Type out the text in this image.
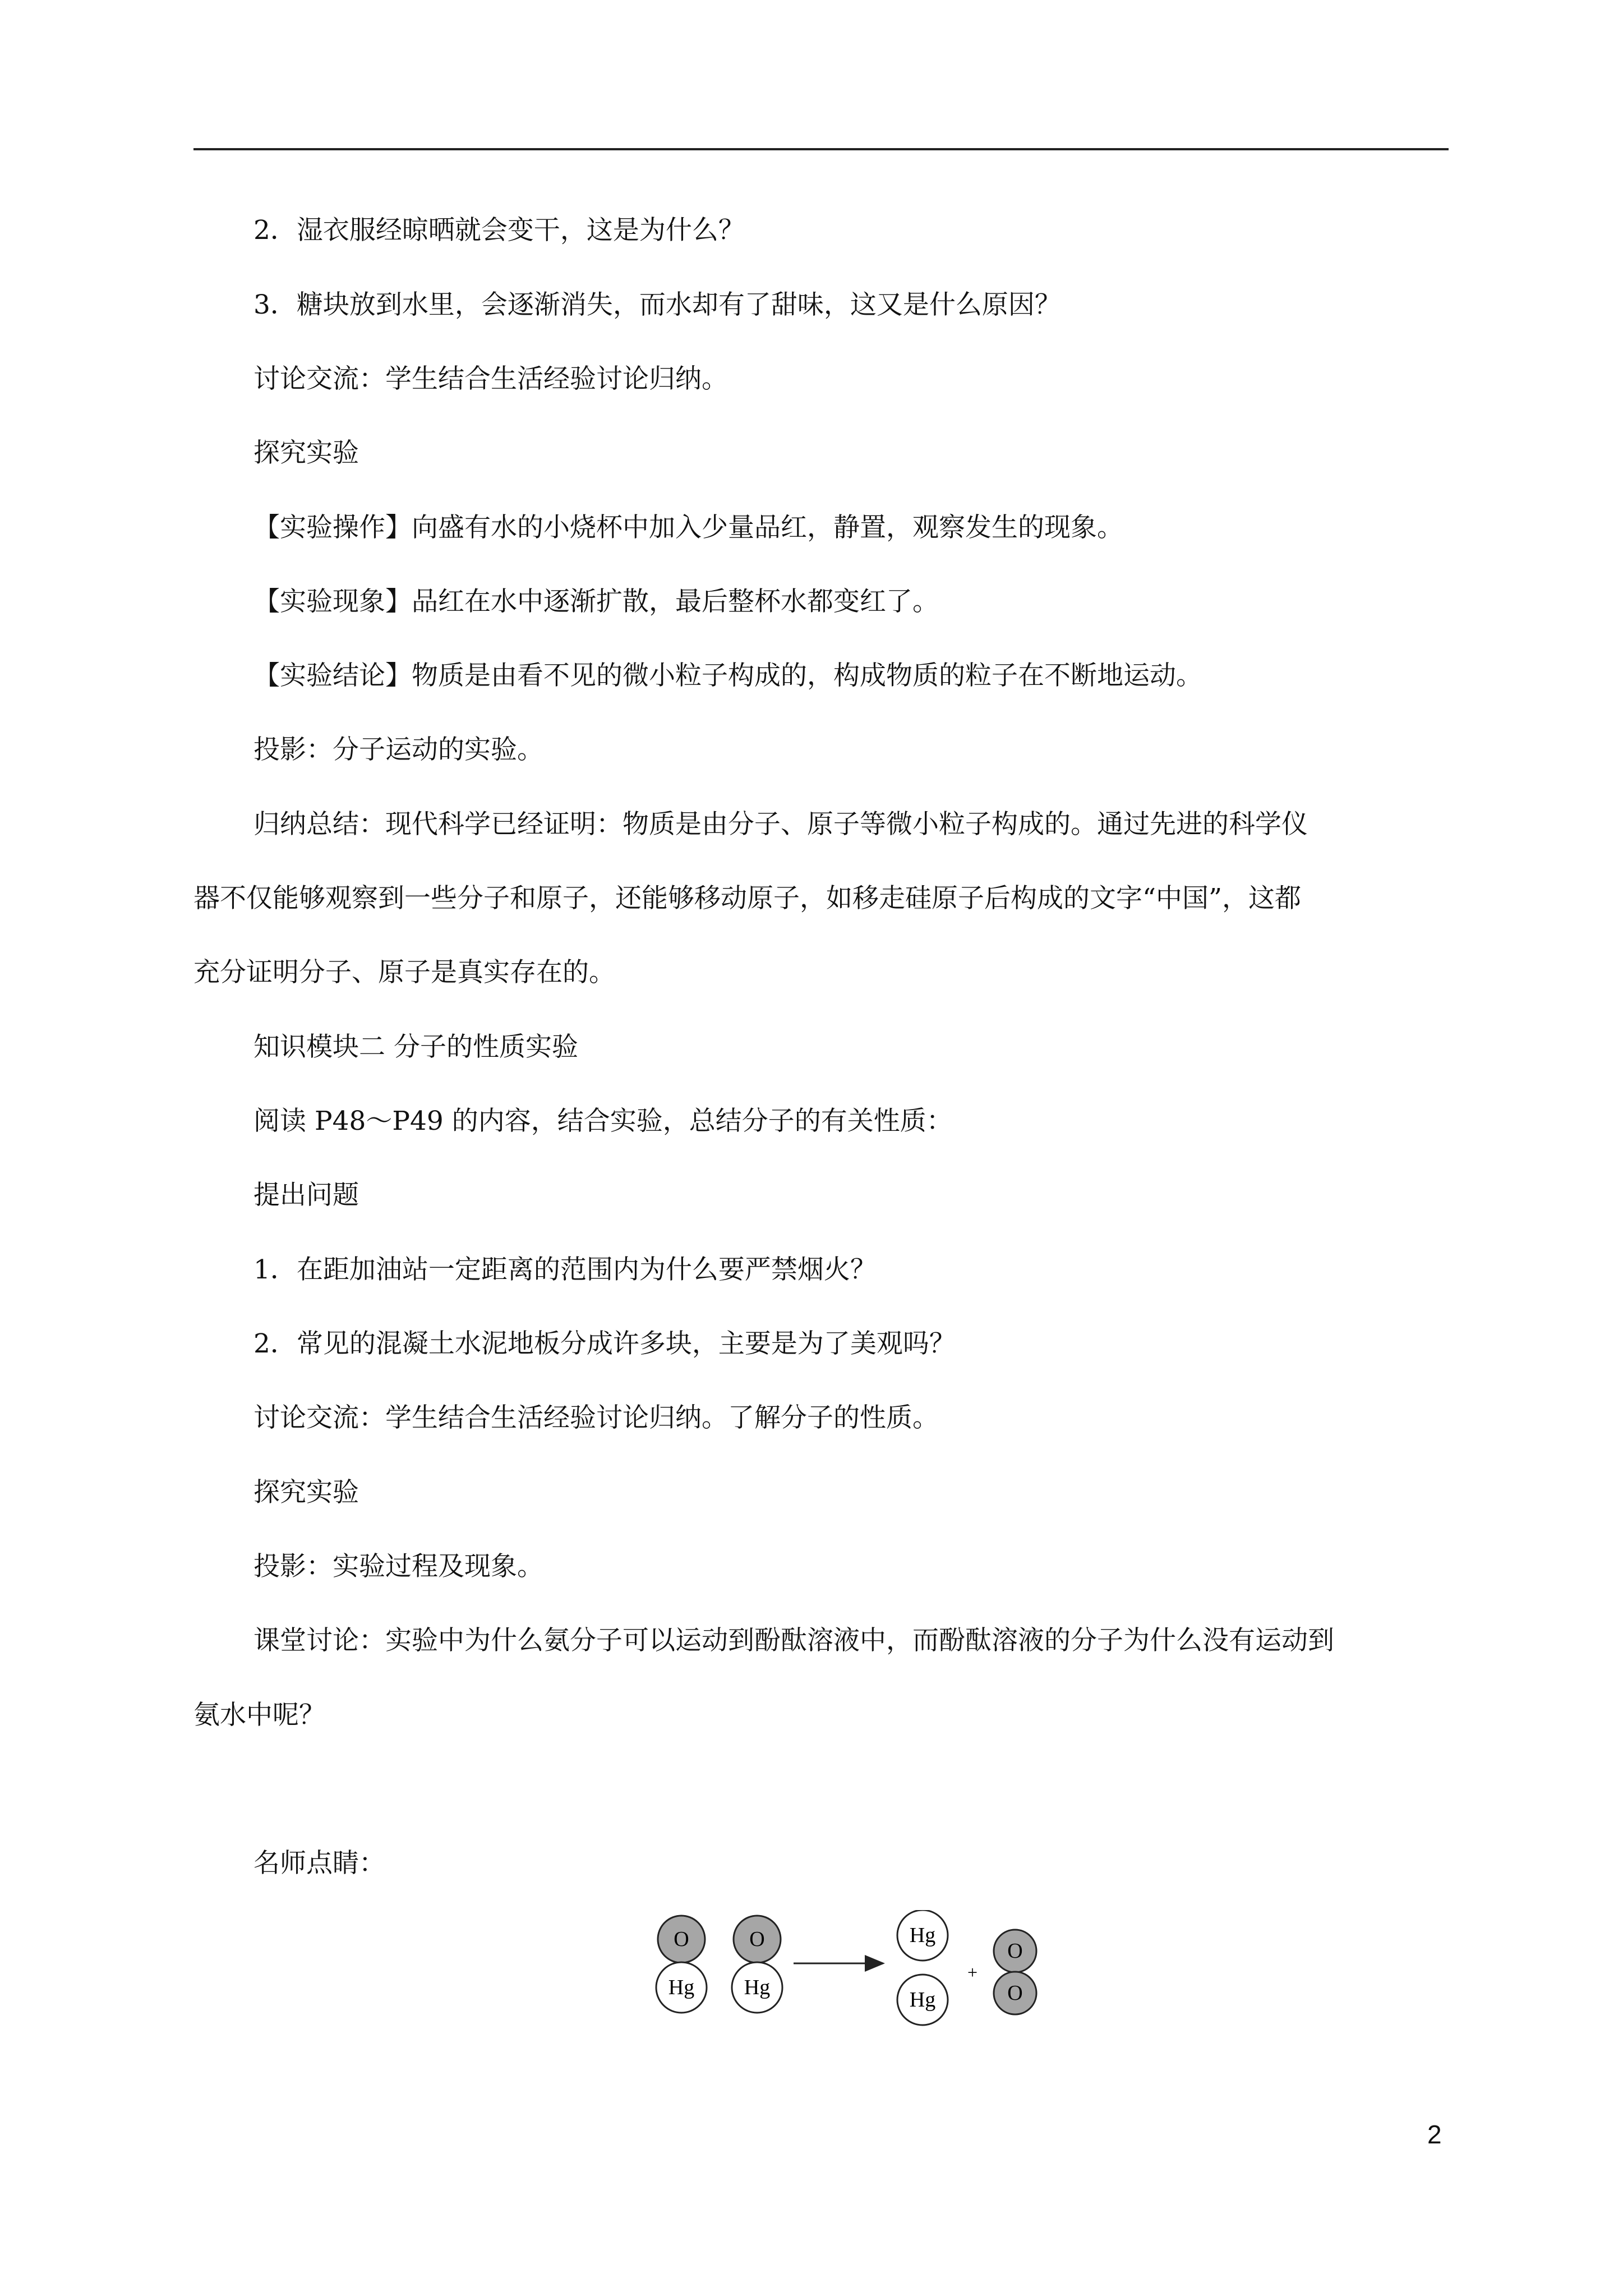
2．湿衣服经晾晒就会变干，这是为什么？
3．糖块放到水里，会逐渐消失，而水却有了甜味，这又是什么原因？
讨论交流：学生结合生活经验讨论归纳。
探究实验
【实验操作】向盛有水的小烧杯中加入少量品红，静置，观察发生的现象。
【实验现象】品红在水中逐渐扩散，最后整杯水都变红了。
【实验结论】物质是由看不见的微小粒子构成的，构成物质的粒子在不断地运动。
投影：分子运动的实验。
归纳总结：现代科学已经证明：物质是由分子、原子等微小粒子构成的。通过先进的科学仪
器不仅能够观察到一些分子和原子，还能够移动原子，如移走硅原子后构成的文字“中国”，这都
充分证明分子、原子是真实存在的。
知识模块二 分子的性质实验
阅读 P48～P49 的内容，结合实验，总结分子的有关性质：
提出问题
1．在距加油站一定距离的范围内为什么要严禁烟火？
2．常见的混凝土水泥地板分成许多块，主要是为了美观吗？
讨论交流：学生结合生活经验讨论归纳。了解分子的性质。
探究实验
投影：实验过程及现象。
课堂讨论：实验中为什么氨分子可以运动到酚酞溶液中，而酚酞溶液的分子为什么没有运动到
氨水中呢？
名师点睛：
O
Hg
O
Hg
Hg
Hg
+
O
O
2
